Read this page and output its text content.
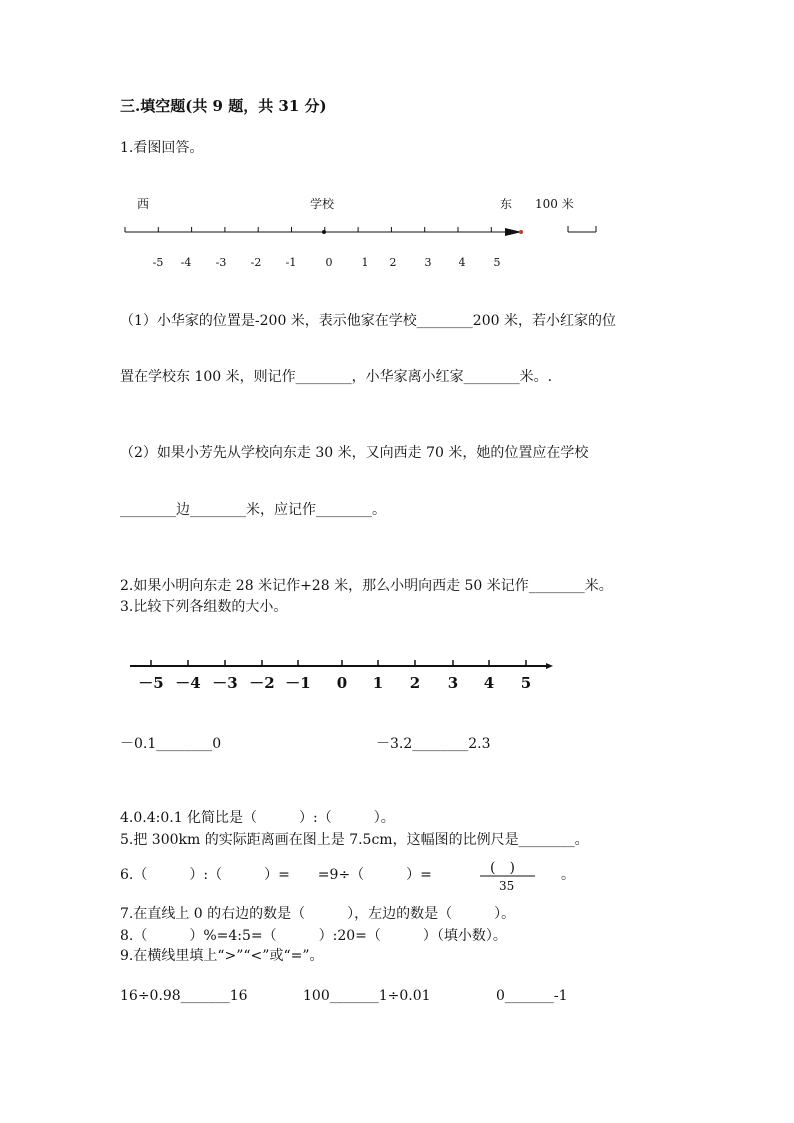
三.填空题(共 9 题，共 31 分)
1.看图回答。
西	学校	东 100 米
-5 -4 -3 -2 -1	0	1 2	3 4	5
（1）小华家的位置是-200 米，表示他家在学校________200 米，若小红家的位
置在学校东 100 米，则记作________，小华家离小红家________米。.
（2）如果小芳先从学校向东走 30 米，又向西走 70 米，她的位置应在学校
________边________米，应记作________。
2.如果小明向东走 28 米记作+28 米，那么小明向西走 50 米记作________米。
3.比较下列各组数的大小。
－5 －4 －3 －2 －1 0 1 2 3 4 5
－0.1________0	－3.2________2.3
4.0.4:0.1 化简比是（　　　）:（　　　）。
5.把 300km 的实际距离画在图上是 7.5cm，这幅图的比例尺是________。
6.（　　　）:（　　　）=　　=9÷（　　　）=	(　)
35
。
7.在直线上 0 的右边的数是（　　　），左边的数是（　　　）。
8.（　　　）%=4:5=（　　　）:20=（　　　）（填小数）。
9.在横线里填上“>”“<”或“=”。
16÷0.98_______16	100_______1÷0.01	0_______-1
